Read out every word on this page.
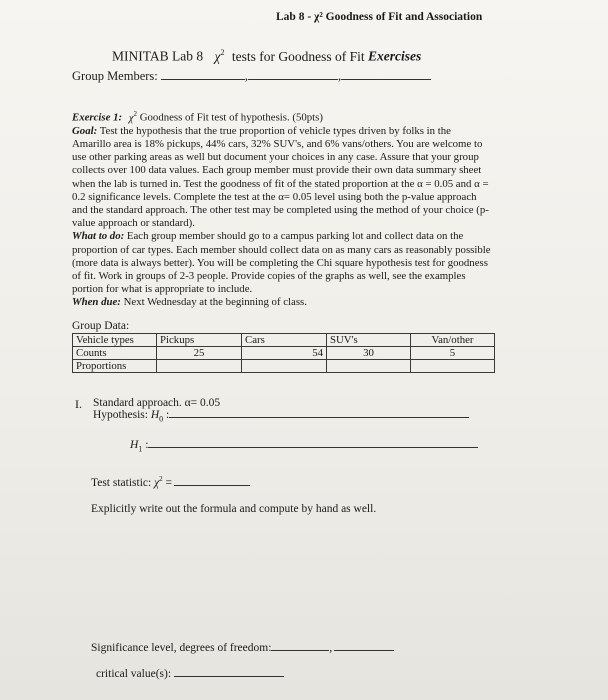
Lab 8 - χ² Goodness of Fit and Association
MINITAB Lab 8 $\chi^2$ tests for Goodness of Fit Exercises
Group Members:	,	,

Exercise 1: $\chi^2$ Goodness of Fit test of hypothesis. (50pts)

Goal: Test the hypothesis that the true proportion of vehicle types driven by folks in the Amarillo area is 18% pickups, 44% cars, 32% SUV's, and 6% vans/others. You are welcome to use other parking areas as well but document your choices in any case. Assure that your group collects over 100 data values. Each group member must provide their own data summary sheet when the lab is turned in. Test the goodness of fit of the stated proportion at the α = 0.05 and α = 0.2 significance levels. Complete the test at the α= 0.05 level using both the p-value approach and the standard approach. The other test may be completed using the method of your choice (p-value approach or standard).

What to do: Each group member should go to a campus parking lot and collect data on the proportion of car types. Each member should collect data on as many cars as reasonably possible (more data is always better). You will be completing the Chi square hypothesis test for goodness of fit. Work in groups of 2-3 people. Provide copies of the graphs as well, see the examples portion for what is appropriate to include.

When due: Next Wednesday at the beginning of class.

Group Data:
Vehicle types	Pickups	Cars	SUV's	Van/other
Counts	25	54	30	5
Proportions				
I. Standard approach. α= 0.05
Hypothesis: $H_0$ :
$H_1$ :
Test statistic: $\chi^2$ =
Explicitly write out the formula and compute by hand as well.
Significance level, degrees of freedom:	,
critical value(s):
